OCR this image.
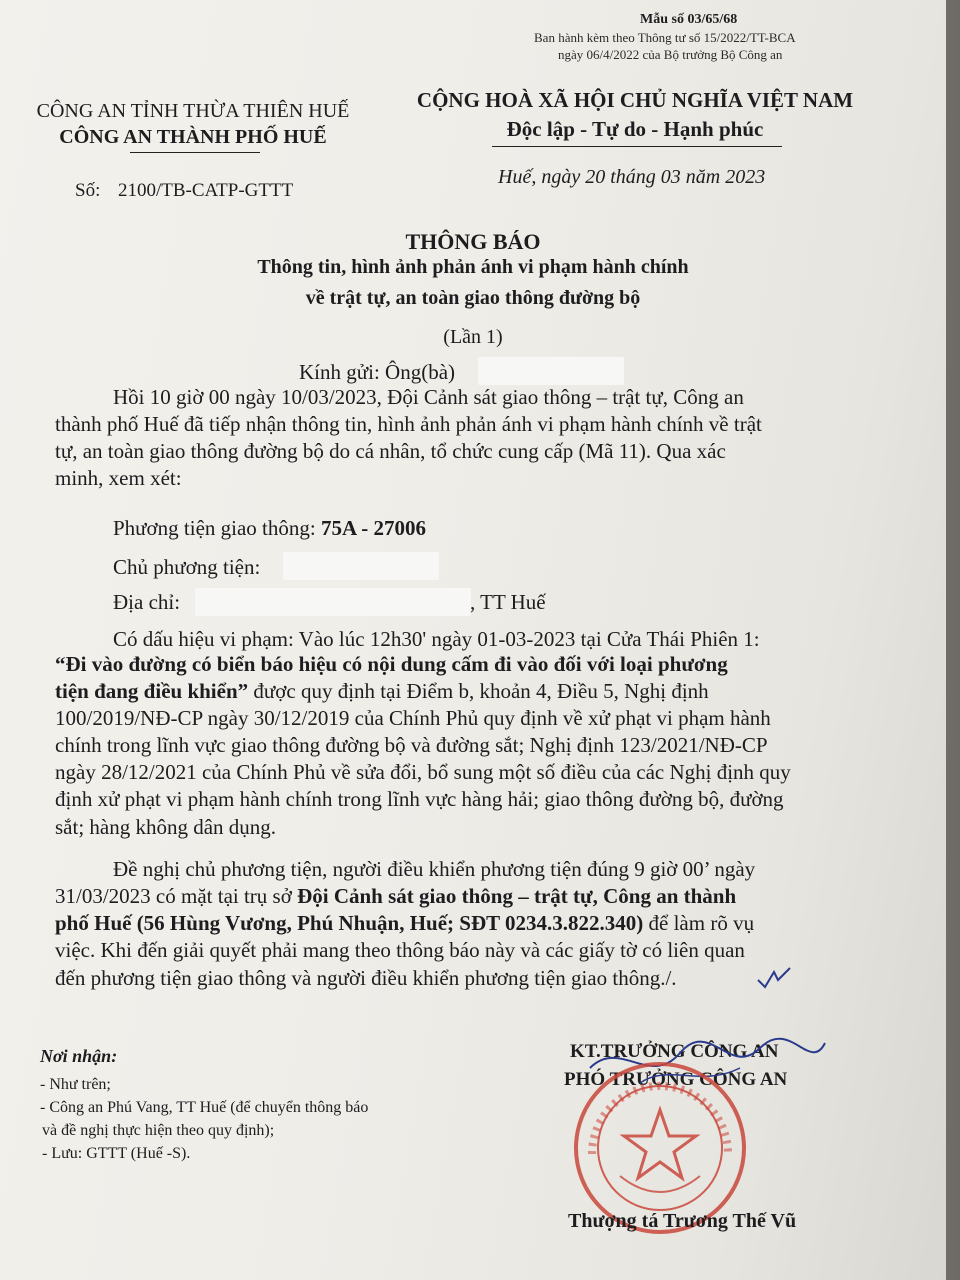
Mẫu số 03/65/68
Ban hành kèm theo Thông tư số 15/2022/TT-BCA
ngày 06/4/2022 của Bộ trưởng Bộ Công an
CÔNG AN TỈNH THỪA THIÊN HUẾ
CÔNG AN THÀNH PHỐ HUẾ
CỘNG HOÀ XÃ HỘI CHỦ NGHĨA VIỆT NAM
Độc lập - Tự do - Hạnh phúc
Số: 2100/TB-CATP-GTTT
Huế, ngày 20 tháng 03 năm 2023
THÔNG BÁO
Thông tin, hình ảnh phản ánh vi phạm hành chính
về trật tự, an toàn giao thông đường bộ
(Lần 1)
Kính gửi: Ông(bà)
Hồi 10 giờ 00 ngày 10/03/2023, Đội Cảnh sát giao thông – trật tự, Công an
thành phố Huế đã tiếp nhận thông tin, hình ảnh phản ánh vi phạm hành chính về trật
tự, an toàn giao thông đường bộ do cá nhân, tổ chức cung cấp (Mã 11). Qua xác
minh, xem xét:
Phương tiện giao thông: 75A - 27006
Chủ phương tiện:
Địa chỉ:	, TT Huế
Có dấu hiệu vi phạm: Vào lúc 12h30' ngày 01-03-2023 tại Cửa Thái Phiên 1:
“Đi vào đường có biển báo hiệu có nội dung cấm đi vào đối với loại phương
tiện đang điều khiển” được quy định tại Điểm b, khoản 4, Điều 5, Nghị định
100/2019/NĐ-CP ngày 30/12/2019 của Chính Phủ quy định về xử phạt vi phạm hành
chính trong lĩnh vực giao thông đường bộ và đường sắt; Nghị định 123/2021/NĐ-CP
ngày 28/12/2021 của Chính Phủ về sửa đổi, bổ sung một số điều của các Nghị định quy
định xử phạt vi phạm hành chính trong lĩnh vực hàng hải; giao thông đường bộ, đường
sắt; hàng không dân dụng.
Đề nghị chủ phương tiện, người điều khiển phương tiện đúng 9 giờ 00’ ngày
31/03/2023 có mặt tại trụ sở Đội Cảnh sát giao thông – trật tự, Công an thành
phố Huế (56 Hùng Vương, Phú Nhuận, Huế; SĐT 0234.3.822.340) để làm rõ vụ
việc. Khi đến giải quyết phải mang theo thông báo này và các giấy tờ có liên quan
đến phương tiện giao thông và người điều khiển phương tiện giao thông./.
Nơi nhận:
- Như trên;
- Công an Phú Vang, TT Huế (để chuyển thông báo
và đề nghị thực hiện theo quy định);
- Lưu: GTTT (Huế -S).
KT.TRƯỞNG CÔNG AN
PHÓ TRƯỞNG CÔNG AN
Thượng tá Trương Thế Vũ
